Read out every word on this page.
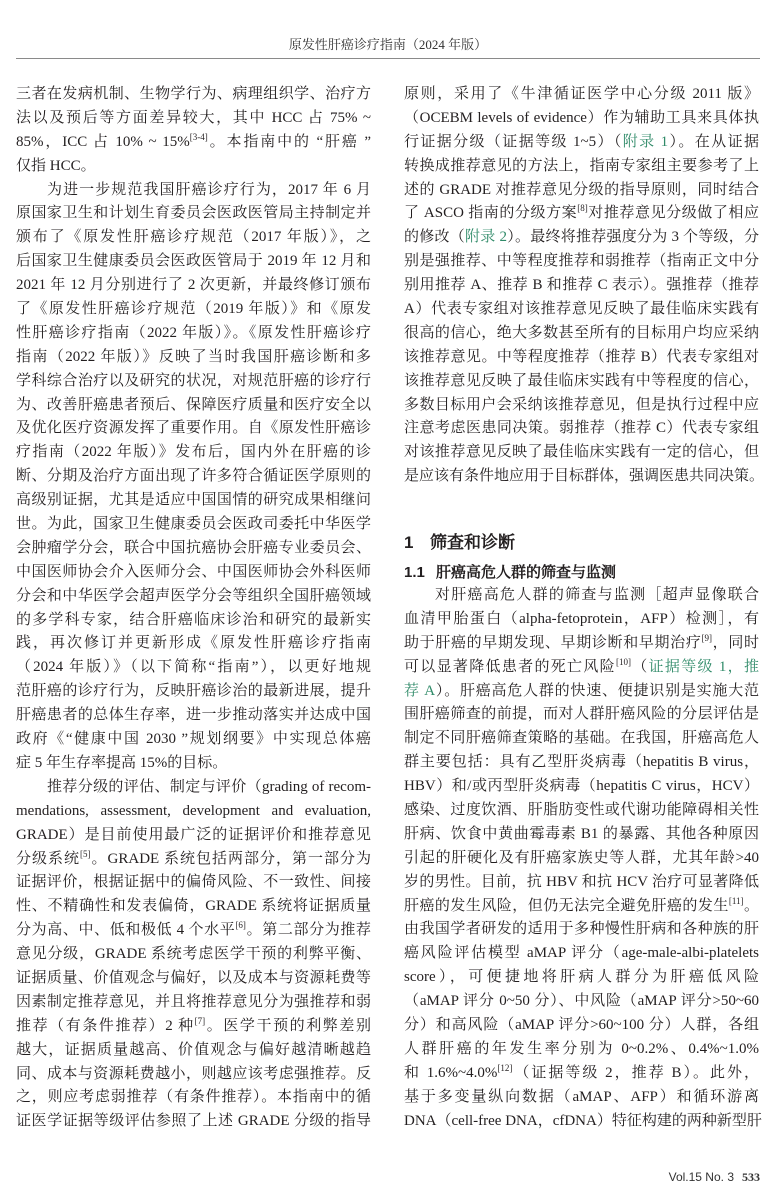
原发性肝癌诊疗指南（2024 年版）
三者在发病机制、生物学行为、病理组织学、治疗方
法以及预后等方面差异较大，其中 HCC 占 75% ~
85%，ICC 占 10% ~ 15%[3-4]。本指南中的 “肝癌 ”
仅指 HCC。
为进一步规范我国肝癌诊疗行为，2017 年 6 月
原国家卫生和计划生育委员会医政医管局主持制定并
颁布了《原发性肝癌诊疗规范（2017 年版）》，之
后国家卫生健康委员会医政医管局于 2019 年 12 月和
2021 年 12 月分别进行了 2 次更新，并最终修订颁布
了《原发性肝癌诊疗规范（2019 年版）》和《原发
性肝癌诊疗指南（2022 年版）》。《原发性肝癌诊疗
指南（2022 年版）》反映了当时我国肝癌诊断和多
学科综合治疗以及研究的状况，对规范肝癌的诊疗行
为、改善肝癌患者预后、保障医疗质量和医疗安全以
及优化医疗资源发挥了重要作用。自《原发性肝癌诊
疗指南（2022 年版）》发布后，国内外在肝癌的诊
断、分期及治疗方面出现了许多符合循证医学原则的
高级别证据，尤其是适应中国国情的研究成果相继问
世。为此，国家卫生健康委员会医政司委托中华医学
会肿瘤学分会，联合中国抗癌协会肝癌专业委员会、
中国医师协会介入医师分会、中国医师协会外科医师
分会和中华医学会超声医学分会等组织全国肝癌领域
的多学科专家，结合肝癌临床诊治和研究的最新实
践，再次修订并更新形成《原发性肝癌诊疗指南
（2024 年版）》（以下简称“指南”），以更好地规
范肝癌的诊疗行为，反映肝癌诊治的最新进展，提升
肝癌患者的总体生存率，进一步推动落实并达成中国
政府《“健康中国 2030 ”规划纲要》中实现总体癌
症 5 年生存率提高 15%的目标。
推荐分级的评估、制定与评价（grading of recom-
mendations, assessment, development and evaluation,
GRADE）是目前使用最广泛的证据评价和推荐意见
分级系统[5]。GRADE 系统包括两部分，第一部分为
证据评价，根据证据中的偏倚风险、不一致性、间接
性、不精确性和发表偏倚，GRADE 系统将证据质量
分为高、中、低和极低 4 个水平[6]。第二部分为推荐
意见分级，GRADE 系统考虑医学干预的利弊平衡、
证据质量、价值观念与偏好，以及成本与资源耗费等
因素制定推荐意见，并且将推荐意见分为强推荐和弱
推荐（有条件推荐）2 种[7]。医学干预的利弊差别
越大，证据质量越高、价值观念与偏好越清晰越趋
同、成本与资源耗费越小，则越应该考虑强推荐。反
之，则应考虑弱推荐（有条件推荐）。本指南中的循
证医学证据等级评估参照了上述 GRADE 分级的指导
原则，采用了《牛津循证医学中心分级 2011 版》
（OCEBM levels of evidence）作为辅助工具来具体执
行证据分级（证据等级 1~5）（附录 1）。在从证据
转换成推荐意见的方法上，指南专家组主要参考了上
述的 GRADE 对推荐意见分级的指导原则，同时结合
了 ASCO 指南的分级方案[8]对推荐意见分级做了相应
的修改（附录 2）。最终将推荐强度分为 3 个等级，分
别是强推荐、中等程度推荐和弱推荐（指南正文中分
别用推荐 A、推荐 B 和推荐 C 表示）。强推荐（推荐
A）代表专家组对该推荐意见反映了最佳临床实践有
很高的信心，绝大多数甚至所有的目标用户均应采纳
该推荐意见。中等程度推荐（推荐 B）代表专家组对
该推荐意见反映了最佳临床实践有中等程度的信心，
多数目标用户会采纳该推荐意见，但是执行过程中应
注意考虑医患同决策。弱推荐（推荐 C）代表专家组
对该推荐意见反映了最佳临床实践有一定的信心，但
是应该有条件地应用于目标群体，强调医患共同决策。
1 筛查和诊断
1.1 肝癌高危人群的筛查与监测
对肝癌高危人群的筛查与监测［超声显像联合
血清甲胎蛋白（alpha-fetoprotein，AFP）检测］，有
助于肝癌的早期发现、早期诊断和早期治疗[9]，同时
可以显著降低患者的死亡风险[10]（证据等级 1，推
荐 A）。肝癌高危人群的快速、便捷识别是实施大范
围肝癌筛查的前提，而对人群肝癌风险的分层评估是
制定不同肝癌筛查策略的基础。在我国，肝癌高危人
群主要包括：具有乙型肝炎病毒（hepatitis B virus，
HBV）和/或丙型肝炎病毒（hepatitis C virus，HCV）
感染、过度饮酒、肝脂肪变性或代谢功能障碍相关性
肝病、饮食中黄曲霉毒素 B1 的暴露、其他各种原因
引起的肝硬化及有肝癌家族史等人群，尤其年龄>40
岁的男性。目前，抗 HBV 和抗 HCV 治疗可显著降低
肝癌的发生风险，但仍无法完全避免肝癌的发生[11]。
由我国学者研发的适用于多种慢性肝病和各种族的肝
癌风险评估模型 aMAP 评分（age-male-albi-platelets
score），可便捷地将肝病人群分为肝癌低风险
（aMAP 评分 0~50 分）、中风险（aMAP 评分>50~60
分）和高风险（aMAP 评分>60~100 分）人群，各组
人群肝癌的年发生率分别为 0~0.2%、0.4%~1.0%
和 1.6%~4.0%[12]（证据等级 2，推荐 B）。此外，
基于多变量纵向数据（aMAP、AFP）和循环游离
DNA（cell-free DNA，cfDNA）特征构建的两种新型肝
Vol.15 No. 3 533
